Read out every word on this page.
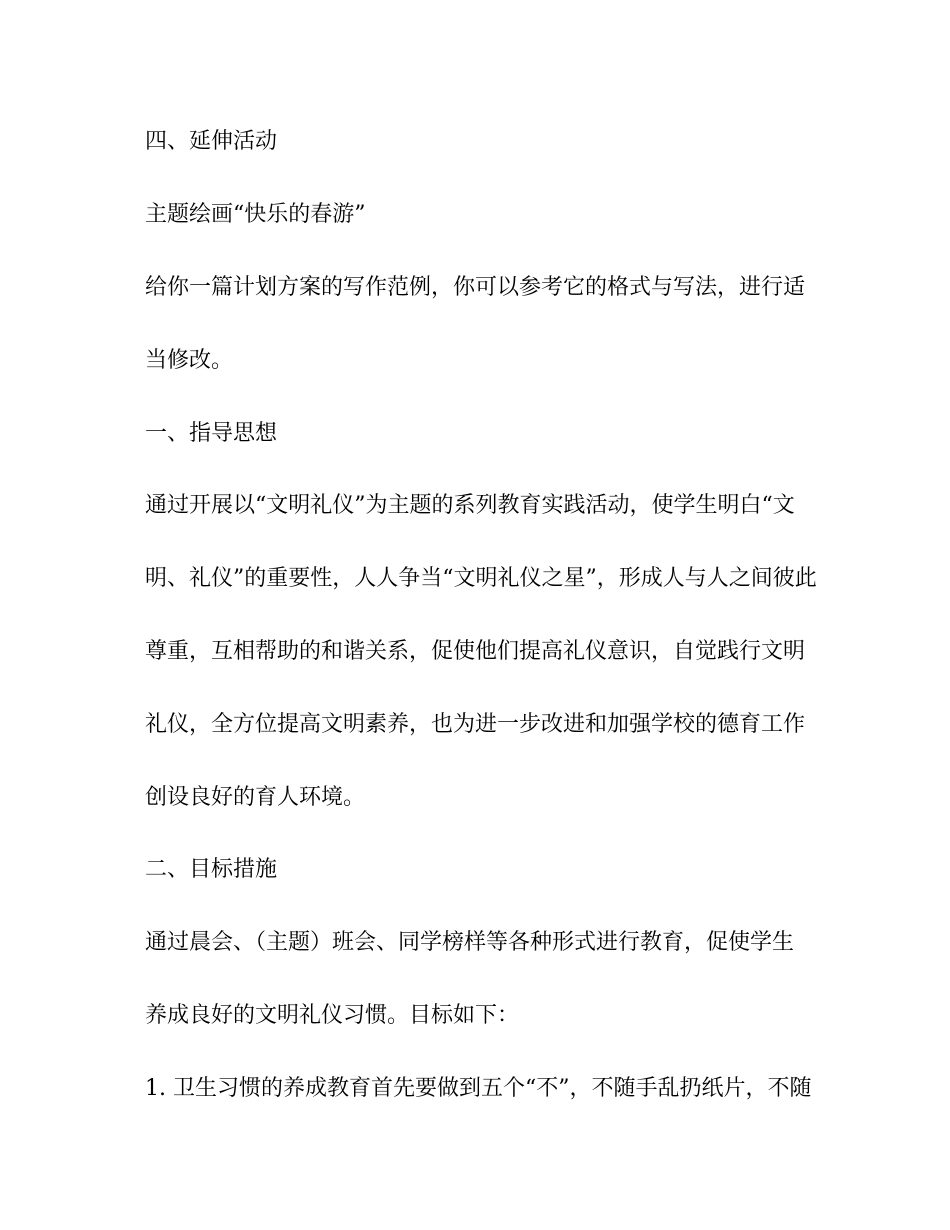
四、延伸活动
主题绘画“快乐的春游”
给你一篇计划方案的写作范例，你可以参考它的格式与写法，进行适
当修改。
一、指导思想
通过开展以“文明礼仪”为主题的系列教育实践活动，使学生明白“文
明、礼仪”的重要性，人人争当“文明礼仪之星”，形成人与人之间彼此
尊重，互相帮助的和谐关系，促使他们提高礼仪意识，自觉践行文明
礼仪，全方位提高文明素养，也为进一步改进和加强学校的德育工作
创设良好的育人环境。
二、目标措施
通过晨会、（主题）班会、同学榜样等各种形式进行教育，促使学生
养成良好的文明礼仪习惯。目标如下：
1. 卫生习惯的养成教育首先要做到五个“不”，不随手乱扔纸片，不随
